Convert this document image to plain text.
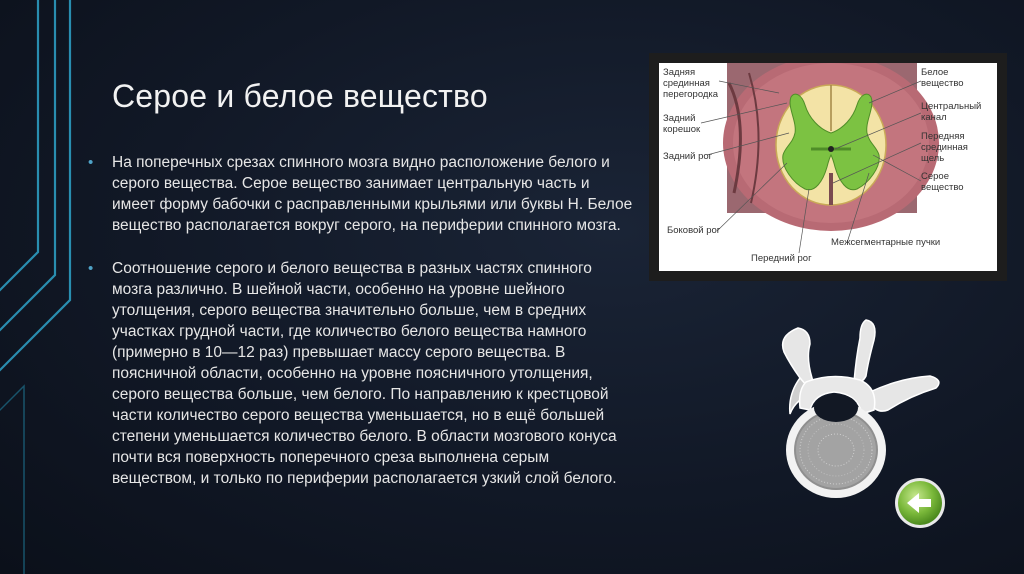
Серое и белое вещество
• На поперечных срезах спинного мозга видно расположение белого и серого вещества. Серое вещество занимает центральную часть и имеет форму бабочки с расправленными крыльями или буквы Н. Белое вещество располагается вокруг серого, на периферии спинного мозга.
• Соотношение серого и белого вещества в разных частях спинного мозга различно. В шейной части, особенно на уровне шейного утолщения, серого вещества значительно больше, чем в средних участках грудной части, где количество белого вещества намного (примерно в 10—12 раз) превышает массу серого вещества. В поясничной области, особенно на уровне поясничного утолщения, серого вещества больше, чем белого. По направлению к крестцовой части количество серого вещества уменьшается, но в ещё большей степени уменьшается количество белого. В области мозгового конуса почти вся поверхность поперечного среза выполнена серым веществом, и только по периферии располагается узкий слой белого.
Задняя
срединная
перегородка
Задний
корешок
Задний рог
Боковой рог
Передний рог
Белое
вещество
Центральный
канал
Передняя
срединная
щель
Серое
вещество
Межсегментарные пучки
